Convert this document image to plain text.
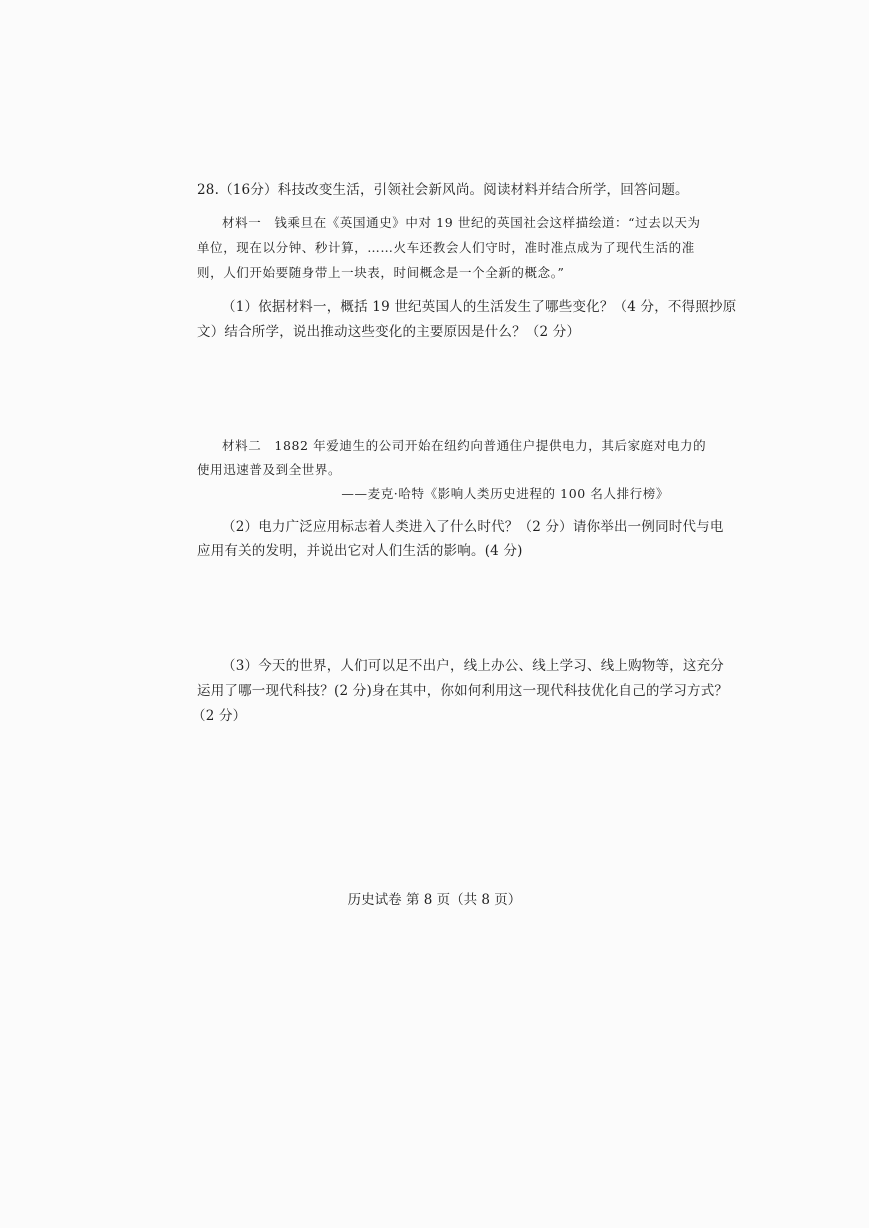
28.（16分）科技改变生活，引领社会新风尚。阅读材料并结合所学，回答问题。
材料一　钱乘旦在《英国通史》中对 19 世纪的英国社会这样描绘道：“过去以天为
单位，现在以分钟、秒计算，……火车还教会人们守时，准时准点成为了现代生活的准
则，人们开始要随身带上一块表，时间概念是一个全新的概念。”
（1）依据材料一，概括 19 世纪英国人的生活发生了哪些变化？（4 分，不得照抄原
文）结合所学，说出推动这些变化的主要原因是什么？（2 分）
材料二　1882 年爱迪生的公司开始在纽约向普通住户提供电力，其后家庭对电力的
使用迅速普及到全世界。
——麦克·哈特《影响人类历史进程的 100 名人排行榜》
（2）电力广泛应用标志着人类进入了什么时代？（2 分）请你举出一例同时代与电
应用有关的发明，并说出它对人们生活的影响。(4 分)
（3）今天的世界，人们可以足不出户，线上办公、线上学习、线上购物等，这充分
运用了哪一现代科技？(2 分)身在其中，你如何利用这一现代科技优化自己的学习方式？
（2 分）
历史试卷 第 8 页（共 8 页）
